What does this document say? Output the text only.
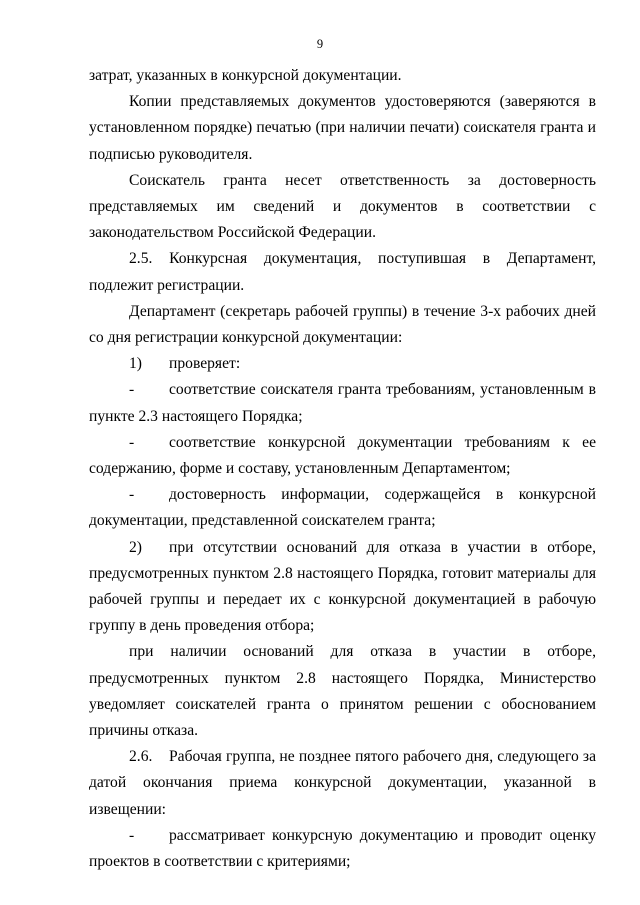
9

затрат, указанных в конкурсной документации.

Копии представляемых документов удостоверяются (заверяются в установленном порядке) печатью (при наличии печати) соискателя гранта и подписью руководителя.

Соискатель гранта несет ответственность за достоверность представляемых им сведений и документов в соответствии с законодательством Российской Федерации.

2.5. Конкурсная документация, поступившая в Департамент, подлежит регистрации.

Департамент (секретарь рабочей группы) в течение 3-х рабочих дней со дня регистрации конкурсной документации:

1) проверяет:

- соответствие соискателя гранта требованиям, установленным в пункте 2.3 настоящего Порядка;

- соответствие конкурсной документации требованиям к ее содержанию, форме и составу, установленным Департаментом;

- достоверность информации, содержащейся в конкурсной документации, представленной соискателем гранта;

2) при отсутствии оснований для отказа в участии в отборе, предусмотренных пунктом 2.8 настоящего Порядка, готовит материалы для рабочей группы и передает их с конкурсной документацией в рабочую группу в день проведения отбора;

при наличии оснований для отказа в участии в отборе, предусмотренных пунктом 2.8 настоящего Порядка, Министерство уведомляет соискателей гранта о принятом решении с обоснованием причины отказа.

2.6. Рабочая группа, не позднее пятого рабочего дня, следующего за датой окончания приема конкурсной документации, указанной в извещении:

- рассматривает конкурсную документацию и проводит оценку проектов в соответствии с критериями;
